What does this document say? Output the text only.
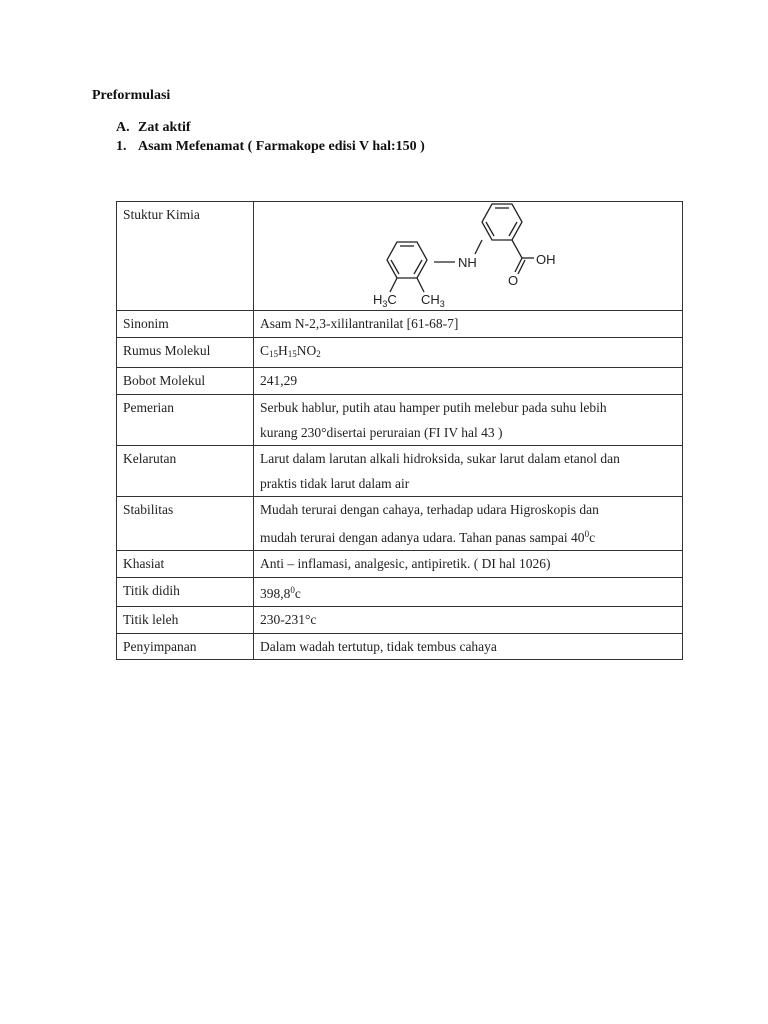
Preformulasi
A. Zat aktif
1. Asam Mefenamat ( Farmakope edisi V hal:150 )
Stuktur Kimia	NH
O
OH
$H_3C$ $CH_3$

Sinonim	Asam N-2,3-xililantranilat [61-68-7]
Rumus Molekul	$C_{15}H_{15}NO_2$
Bobot Molekul	241,29
Pemerian	Serbuk hablur, putih atau hamper putih melebur pada suhu lebih
kurang 230°disertai peruraian (FI IV hal 43 )

Kelarutan	Larut dalam larutan alkali hidroksida, sukar larut dalam etanol dan
praktis tidak larut dalam air

Stabilitas	Mudah terurai dengan cahaya, terhadap udara Higroskopis dan
mudah terurai dengan adanya udara. Tahan panas sampai $40^0c$

Khasiat	Anti – inflamasi, analgesic, antipiretik. ( DI hal 1026)
Titik didih	398,8$^0$c
Titik leleh	230-231°c
Penyimpanan	Dalam wadah tertutup, tidak tembus cahaya
